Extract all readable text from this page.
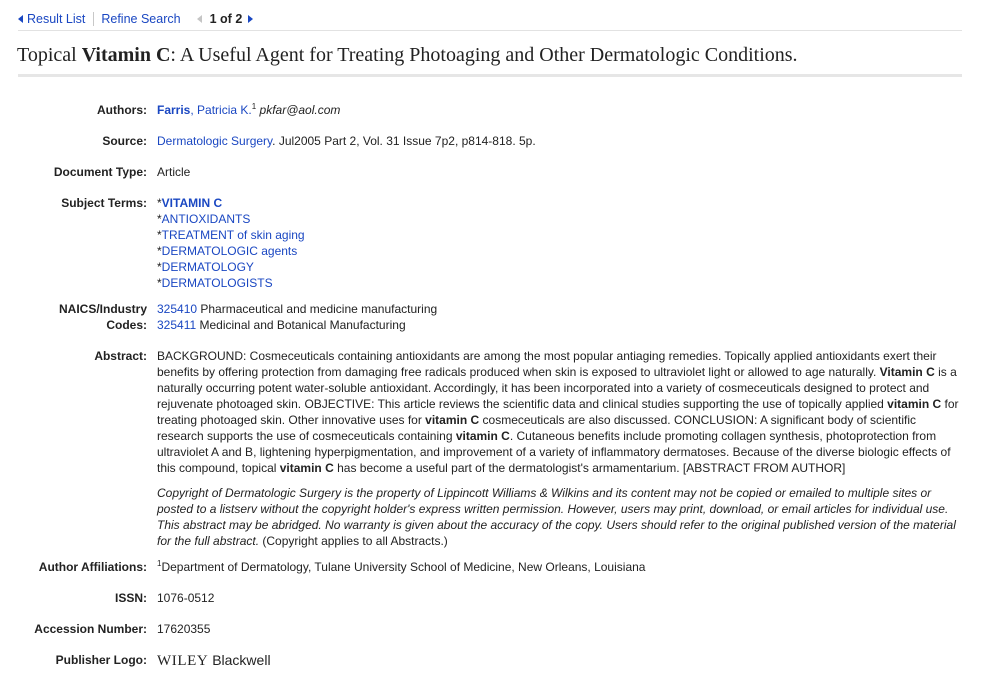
Result List Refine Search 1 of 2
Topical Vitamin C: A Useful Agent for Treating Photoaging and Other Dermatologic Conditions.
Authors: Farris, Patricia K.$^1$ pkfar@aol.com
Source: Dermatologic Surgery. Jul2005 Part 2, Vol. 31 Issue 7p2, p814-818. 5p.
Document Type: Article
Subject Terms: *VITAMIN C
*ANTIOXIDANTS
*TREATMENT of skin aging
*DERMATOLOGIC agents
*DERMATOLOGY
*DERMATOLOGISTS
NAICS/Industry
Codes:
325410 Pharmaceutical and medicine manufacturing
325411 Medicinal and Botanical Manufacturing
Abstract: BACKGROUND: Cosmeceuticals containing antioxidants are among the most popular antiaging remedies. Topically applied antioxidants exert their benefits by offering protection from damaging free radicals produced when skin is exposed to ultraviolet light or allowed to age naturally. Vitamin C is a naturally occurring potent water-soluble antioxidant. Accordingly, it has been incorporated into a variety of cosmeceuticals designed to protect and rejuvenate photoaged skin. OBJECTIVE: This article reviews the scientific data and clinical studies supporting the use of topically applied vitamin C for treating photoaged skin. Other innovative uses for vitamin C cosmeceuticals are also discussed. CONCLUSION: A significant body of scientific research supports the use of cosmeceuticals containing vitamin C. Cutaneous benefits include promoting collagen synthesis, photoprotection from ultraviolet A and B, lightening hyperpigmentation, and improvement of a variety of inflammatory dermatoses. Because of the diverse biologic effects of this compound, topical vitamin C has become a useful part of the dermatologist's armamentarium. [ABSTRACT FROM AUTHOR]
Copyright of Dermatologic Surgery is the property of Lippincott Williams & Wilkins and its content may not be copied or emailed to multiple sites or posted to a listserv without the copyright holder's express written permission. However, users may print, download, or email articles for individual use. This abstract may be abridged. No warranty is given about the accuracy of the copy. Users should refer to the original published version of the material for the full abstract. (Copyright applies to all Abstracts.)
Author Affiliations:	$^1$Department of Dermatology, Tulane University School of Medicine, New Orleans, Louisiana
ISSN: 1076-0512
Accession Number: 17620355
Publisher Logo: WILEY Blackwell
